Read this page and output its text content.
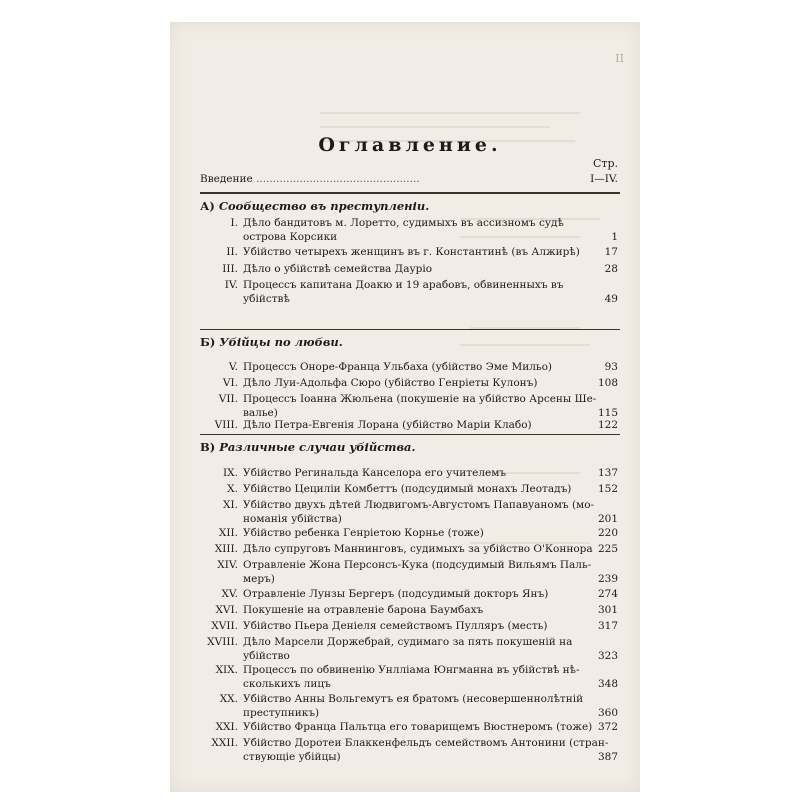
II
Оглавление.
Стр.
Введение .................................................	I—IV.
А) Сообщество въ преступленіи.
Б) Убійцы по любви.
В) Различные случаи убійства.
I. Дѣло бандитовъ м. Лоретто, судимыхъ въ ассизномъ судѣ
острова Корсики	1
II. Убійство четырехъ женщинъ въ г. Константинѣ (въ Алжирѣ) 17
III. Дѣло о убійствѣ семейства Даурiо	28
IV. Процессъ капитана Доакю и 19 арабовъ, обвиненныхъ въ
убійствѣ	49
V. Процессъ Оноре-Франца Ульбаха (убійство Эме Мильо)	93
VI. Дѣло Луи-Адольфа Сюро (убійство Генріеты Кулонъ)	108
VII. Процессъ Іоанна Жюльена (покушеніе на убійство Арсены Ше-
валье)	115
VIII. Дѣло Петра-Евгенія Лорана (убійство Маріи Клабо)	122
IX. Убійство Регинальда Канселора его учителемъ	137
X. Убійство Цециліи Комбеттъ (подсудимый монахъ Леотадъ)	152
XI. Убійство двухъ дѣтей Людвигомъ-Августомъ Папавуаномъ (мо-
номанія убійства)	201
XII. Убійство ребенка Генріетою Корнье (тоже)	220
XIII. Дѣло супруговъ Маннинговъ, судимыхъ за убійство О'Коннора 225
XIV. Отравленіе Жона Персонсъ-Кука (подсудимый Вильямъ Паль-
меръ)	239
XV. Отравленіе Лунзы Бергеръ (подсудимый докторъ Янъ)	274
XVI. Покушеніе на отравленіе барона Баумбахъ	301
XVII. Убійство Пьера Деніеля семействомъ Пулляръ (месть)	317
XVIII. Дѣло Марсели Доржебрай, судимаго за пять покушеній на
убійство	323
XIX. Процессъ по обвиненію Унлліама Юнгманна въ убійствѣ нѣ-
сколькихъ лицъ	348
XX. Убійство Анны Вольгемутъ ея братомъ (несовершеннолѣтній
преступникъ)	360
XXI. Убійство Франца Пальтца его товарищемъ Вюстнеромъ (тоже) 372
XXII. Убійство Доротеи Блаккенфельдъ семействомъ Антонини (стран-
ствующіе убійцы)	387
